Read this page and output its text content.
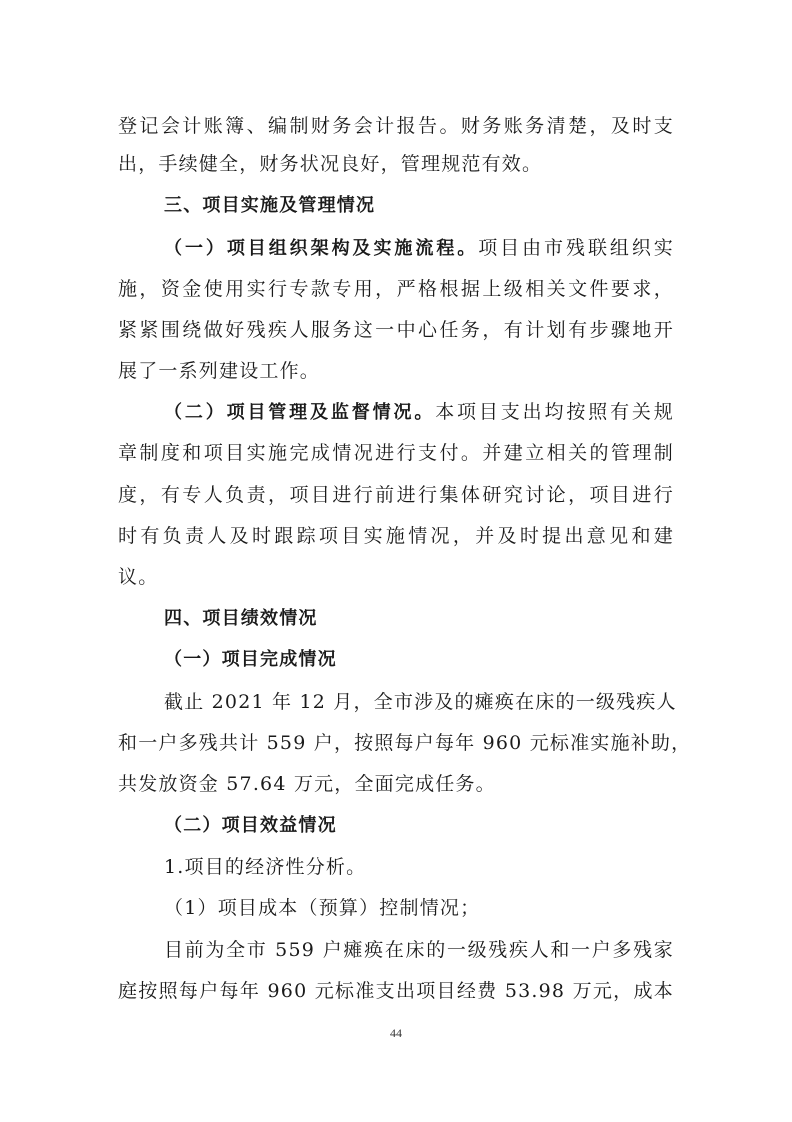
登记会计账簿、编制财务会计报告。财务账务清楚，及时支
出，手续健全，财务状况良好，管理规范有效。
三、项目实施及管理情况
（一）项目组织架构及实施流程。项目由市残联组织实
施，资金使用实行专款专用，严格根据上级相关文件要求，
紧紧围绕做好残疾人服务这一中心任务，有计划有步骤地开
展了一系列建设工作。
（二）项目管理及监督情况。本项目支出均按照有关规
章制度和项目实施完成情况进行支付。并建立相关的管理制
度，有专人负责，项目进行前进行集体研究讨论，项目进行
时有负责人及时跟踪项目实施情况，并及时提出意见和建
议。
四、项目绩效情况
（一）项目完成情况
截止 2021 年 12 月，全市涉及的瘫痪在床的一级残疾人
和一户多残共计 559 户，按照每户每年 960 元标准实施补助，
共发放资金 57.64 万元，全面完成任务。
（二）项目效益情况
1.项目的经济性分析。
（1）项目成本（预算）控制情况；
目前为全市 559 户瘫痪在床的一级残疾人和一户多残家
庭按照每户每年 960 元标准支出项目经费 53.98 万元，成本
44
